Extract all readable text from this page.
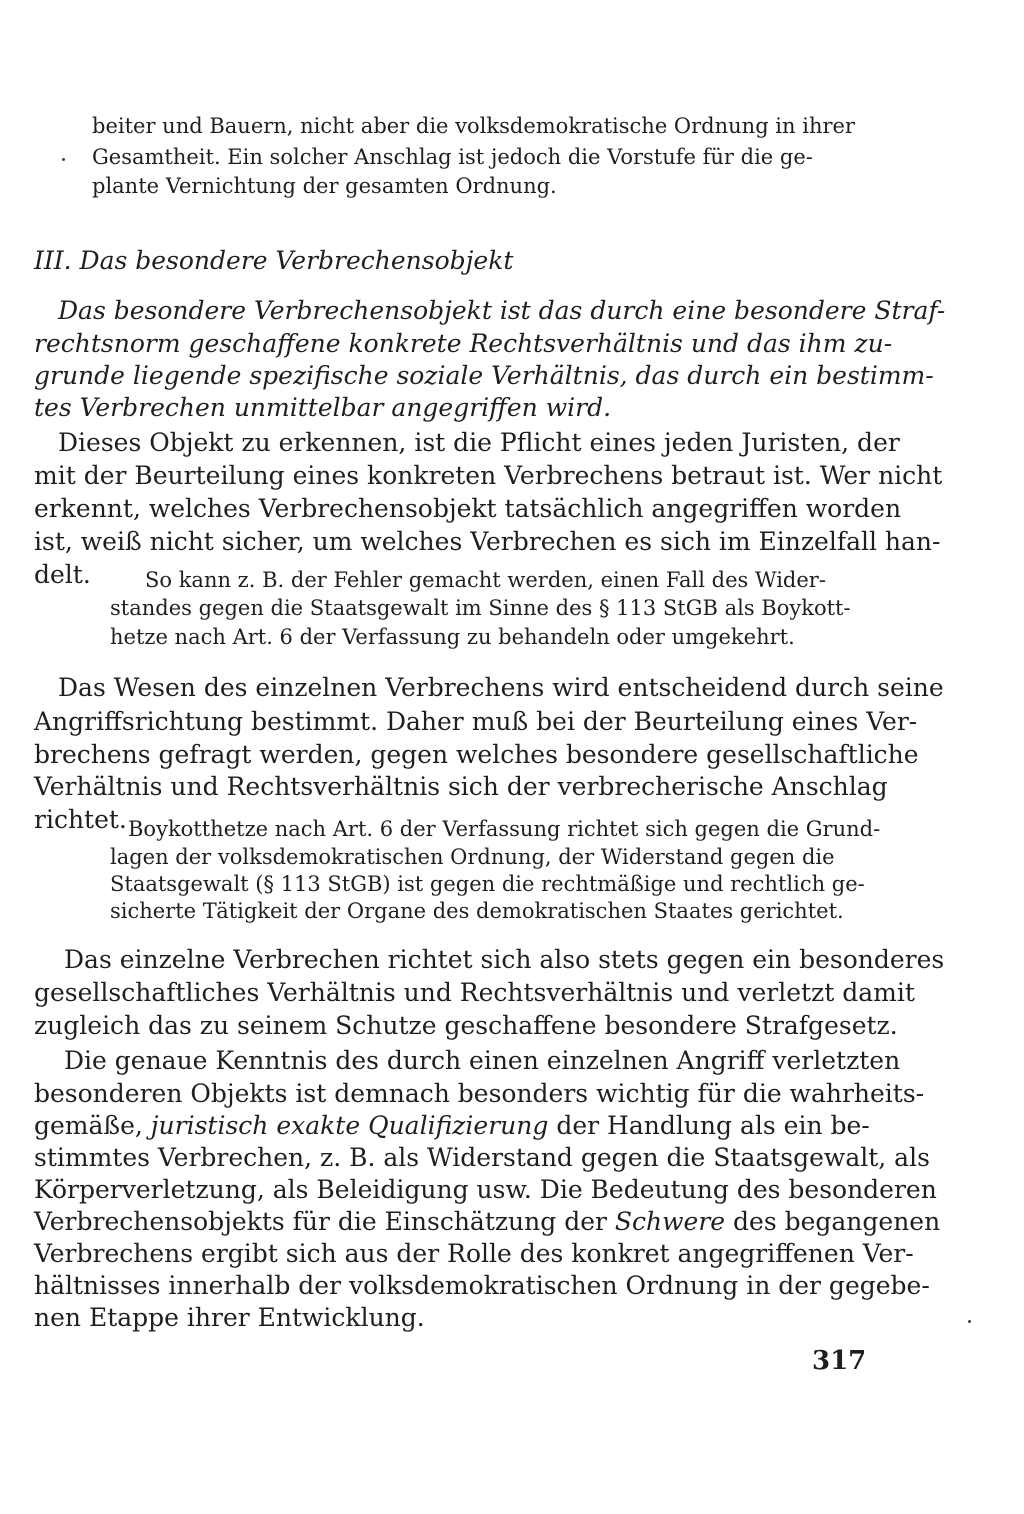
beiter und Bauern, nicht aber die volksdemokratische Ordnung in ihrer
Gesamtheit. Ein solcher Anschlag ist jedoch die Vorstufe für die ge-
plante Vernichtung der gesamten Ordnung.
III. Das besondere Verbrechensobjekt
Das besondere Verbrechensobjekt ist das durch eine besondere Straf-
rechtsnorm geschaffene konkrete Rechtsverhältnis und das ihm zu-
grunde liegende spezifische soziale Verhältnis, das durch ein bestimm-
tes Verbrechen unmittelbar angegriffen wird.
Dieses Objekt zu erkennen, ist die Pflicht eines jeden Juristen, der
mit der Beurteilung eines konkreten Verbrechens betraut ist. Wer nicht
erkennt, welches Verbrechensobjekt tatsächlich angegriffen worden
ist, weiß nicht sicher, um welches Verbrechen es sich im Einzelfall han-
delt.	So kann z. B. der Fehler gemacht werden, einen Fall des Wider-
standes gegen die Staatsgewalt im Sinne des § 113 StGB als Boykott-
hetze nach Art. 6 der Verfassung zu behandeln oder umgekehrt.
Das Wesen des einzelnen Verbrechens wird entscheidend durch seine
Angriffsrichtung bestimmt. Daher muß bei der Beurteilung eines Ver-
brechens gefragt werden, gegen welches besondere gesellschaftliche
Verhältnis und Rechtsverhältnis sich der verbrecherische Anschlag
richtet. Boykotthetze nach Art. 6 der Verfassung richtet sich gegen die Grund-
lagen der volksdemokratischen Ordnung, der Widerstand gegen die
Staatsgewalt (§ 113 StGB) ist gegen die rechtmäßige und rechtlich ge-
sicherte Tätigkeit der Organe des demokratischen Staates gerichtet.
Das einzelne Verbrechen richtet sich also stets gegen ein besonderes
gesellschaftliches Verhältnis und Rechtsverhältnis und verletzt damit
zugleich das zu seinem Schutze geschaffene besondere Strafgesetz.
Die genaue Kenntnis des durch einen einzelnen Angriff verletzten
besonderen Objekts ist demnach besonders wichtig für die wahrheits-
gemäße, juristisch exakte Qualifizierung der Handlung als ein be-
stimmtes Verbrechen, z. B. als Widerstand gegen die Staatsgewalt, als
Körperverletzung, als Beleidigung usw. Die Bedeutung des besonderen
Verbrechensobjekts für die Einschätzung der Schwere des begangenen
Verbrechens ergibt sich aus der Rolle des konkret angegriffenen Ver-
hältnisses innerhalb der volksdemokratischen Ordnung in der gegebe-
nen Etappe ihrer Entwicklung.
317
